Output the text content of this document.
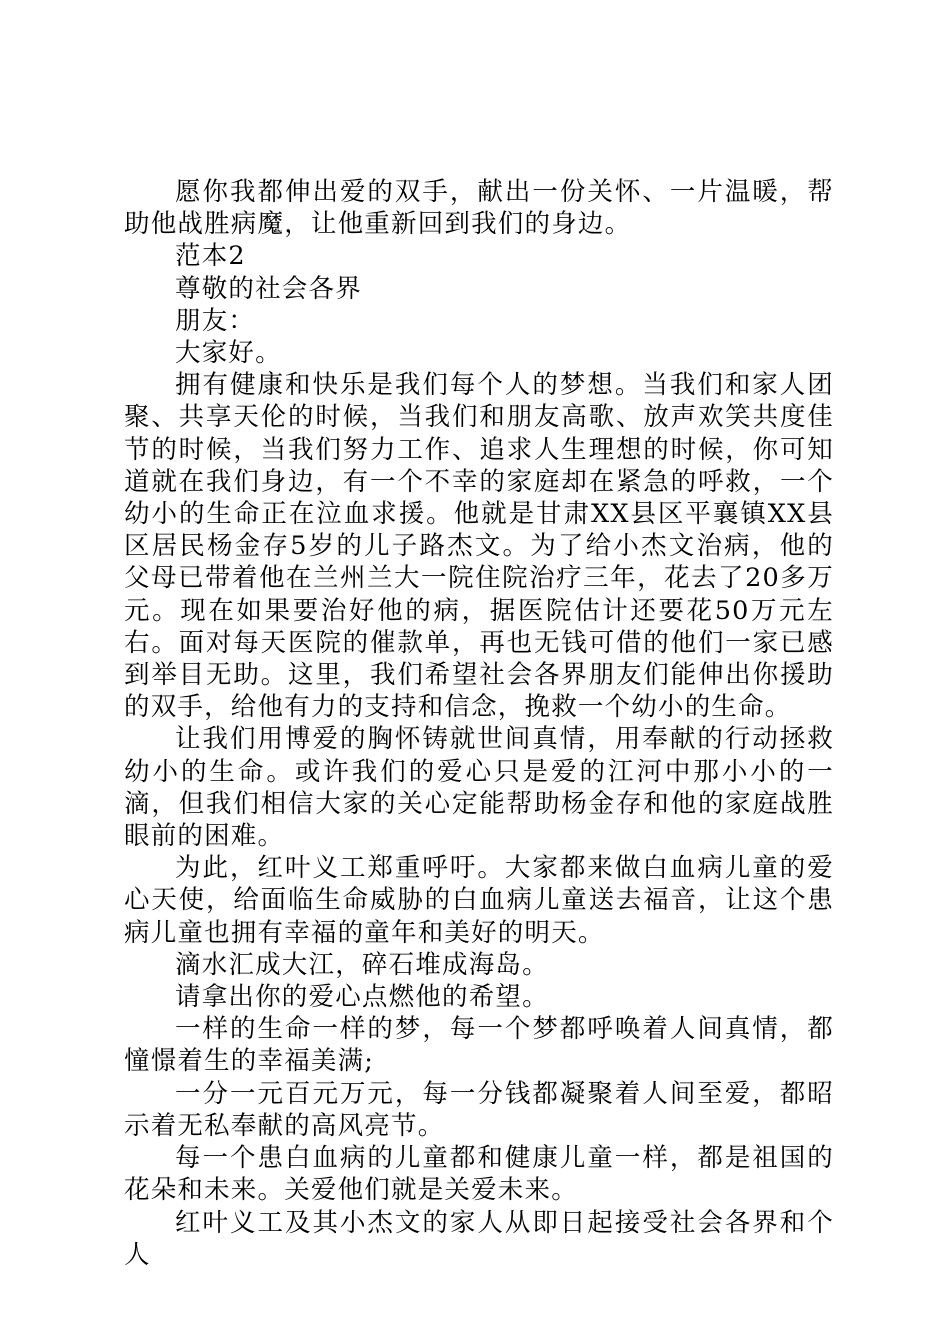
愿你我都伸出爱的双手，献出一份关怀、一片温暖，帮助他战胜病魔，让他重新回到我们的身边。

范本2

尊敬的社会各界

朋友：

大家好。

拥有健康和快乐是我们每个人的梦想。当我们和家人团聚、共享天伦的时候，当我们和朋友高歌、放声欢笑共度佳节的时候，当我们努力工作、追求人生理想的时候，你可知道就在我们身边，有一个不幸的家庭却在紧急的呼救，一个幼小的生命正在泣血求援。他就是甘肃XX县区平襄镇XX县区居民杨金存5岁的儿子路杰文。为了给小杰文治病，他的父母已带着他在兰州兰大一院住院治疗三年，花去了20多万元。现在如果要治好他的病，据医院估计还要花50万元左右。面对每天医院的催款单，再也无钱可借的他们一家已感到举目无助。这里，我们希望社会各界朋友们能伸出你援助的双手，给他有力的支持和信念，挽救一个幼小的生命。

让我们用博爱的胸怀铸就世间真情，用奉献的行动拯救幼小的生命。或许我们的爱心只是爱的江河中那小小的一滴，但我们相信大家的关心定能帮助杨金存和他的家庭战胜眼前的困难。

为此，红叶义工郑重呼吁。大家都来做白血病儿童的爱心天使，给面临生命威胁的白血病儿童送去福音，让这个患病儿童也拥有幸福的童年和美好的明天。

滴水汇成大江，碎石堆成海岛。

请拿出你的爱心点燃他的希望。

一样的生命一样的梦，每一个梦都呼唤着人间真情，都憧憬着生的幸福美满;

一分一元百元万元，每一分钱都凝聚着人间至爱，都昭示着无私奉献的高风亮节。

每一个患白血病的儿童都和健康儿童一样，都是祖国的花朵和未来。关爱他们就是关爱未来。

红叶义工及其小杰文的家人从即日起接受社会各界和个人
